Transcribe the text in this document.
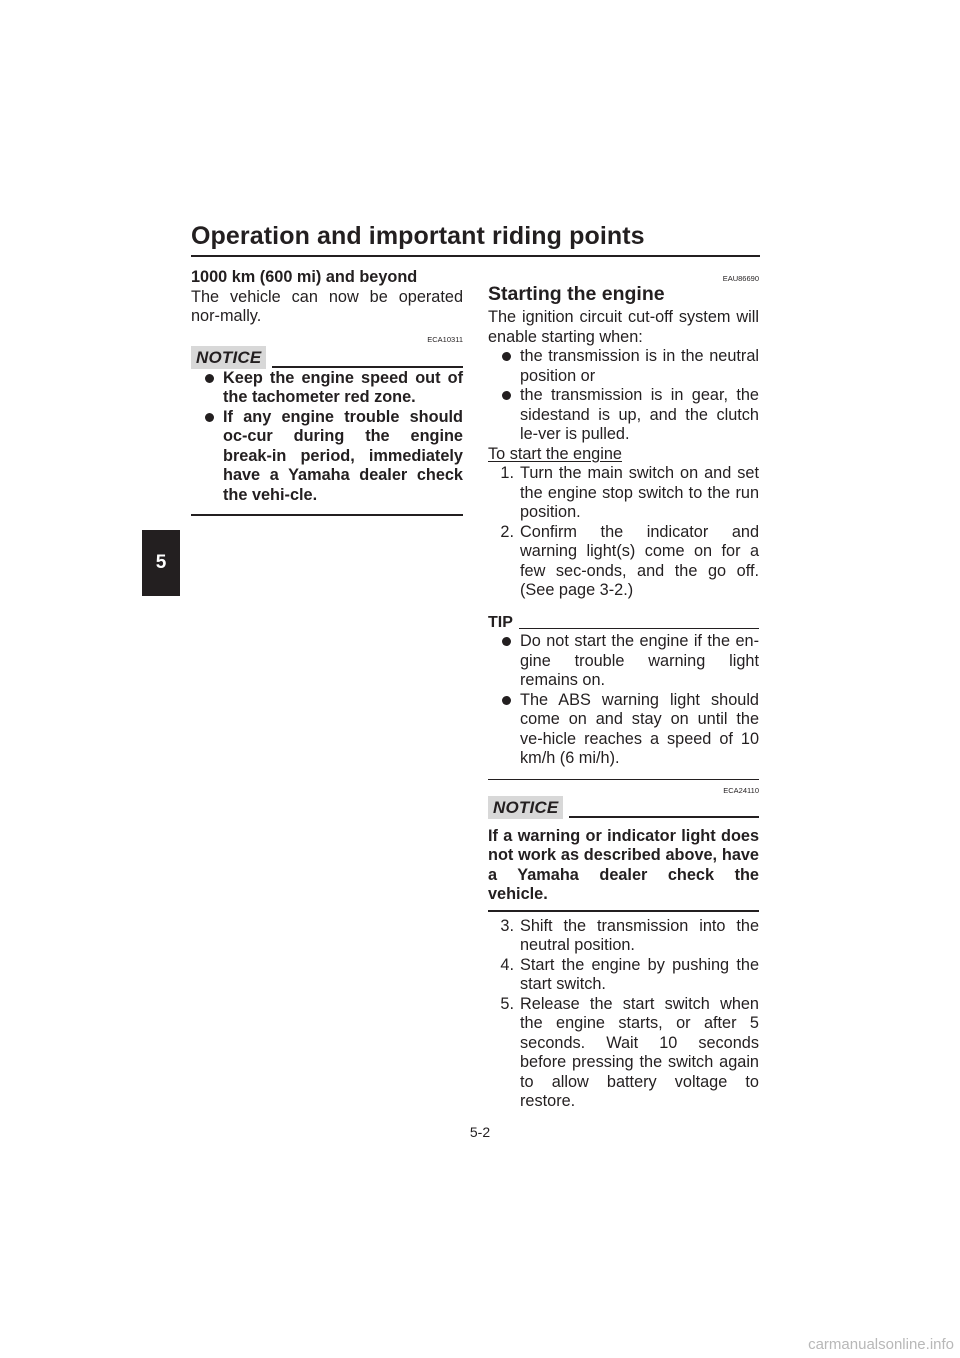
Operation and important riding points
5

1000 km (600 mi) and beyond

The vehicle can now be operated nor-mally.

ECA10311
NOTICE
Keep the engine speed out of the tachometer red zone.
If any engine trouble should oc-cur during the engine break-in period, immediately have a Yamaha dealer check the vehi-cle.
EAU86690
Starting the engine

The ignition circuit cut-off system will enable starting when:

the transmission is in the neutral position or
the transmission is in gear, the sidestand is up, and the clutch le-ver is pulled.

To start the engine

1. Turn the main switch on and set the engine stop switch to the run position.
2. Confirm the indicator and warning light(s) come on for a few sec-onds, and the go off. (See page 3-2.)
TIP
Do not start the engine if the en-gine trouble warning light remains on.
The ABS warning light should come on and stay on until the ve-hicle reaches a speed of 10 km/h (6 mi/h).
ECA24110
NOTICE

If a warning or indicator light does not work as described above, have a Yamaha dealer check the vehicle.

3. Shift the transmission into the neutral position.
4. Start the engine by pushing the start switch.
5. Release the start switch when the engine starts, or after 5 seconds. Wait 10 seconds before pressing the switch again to allow battery voltage to restore.
5-2
carmanualsonline.info
